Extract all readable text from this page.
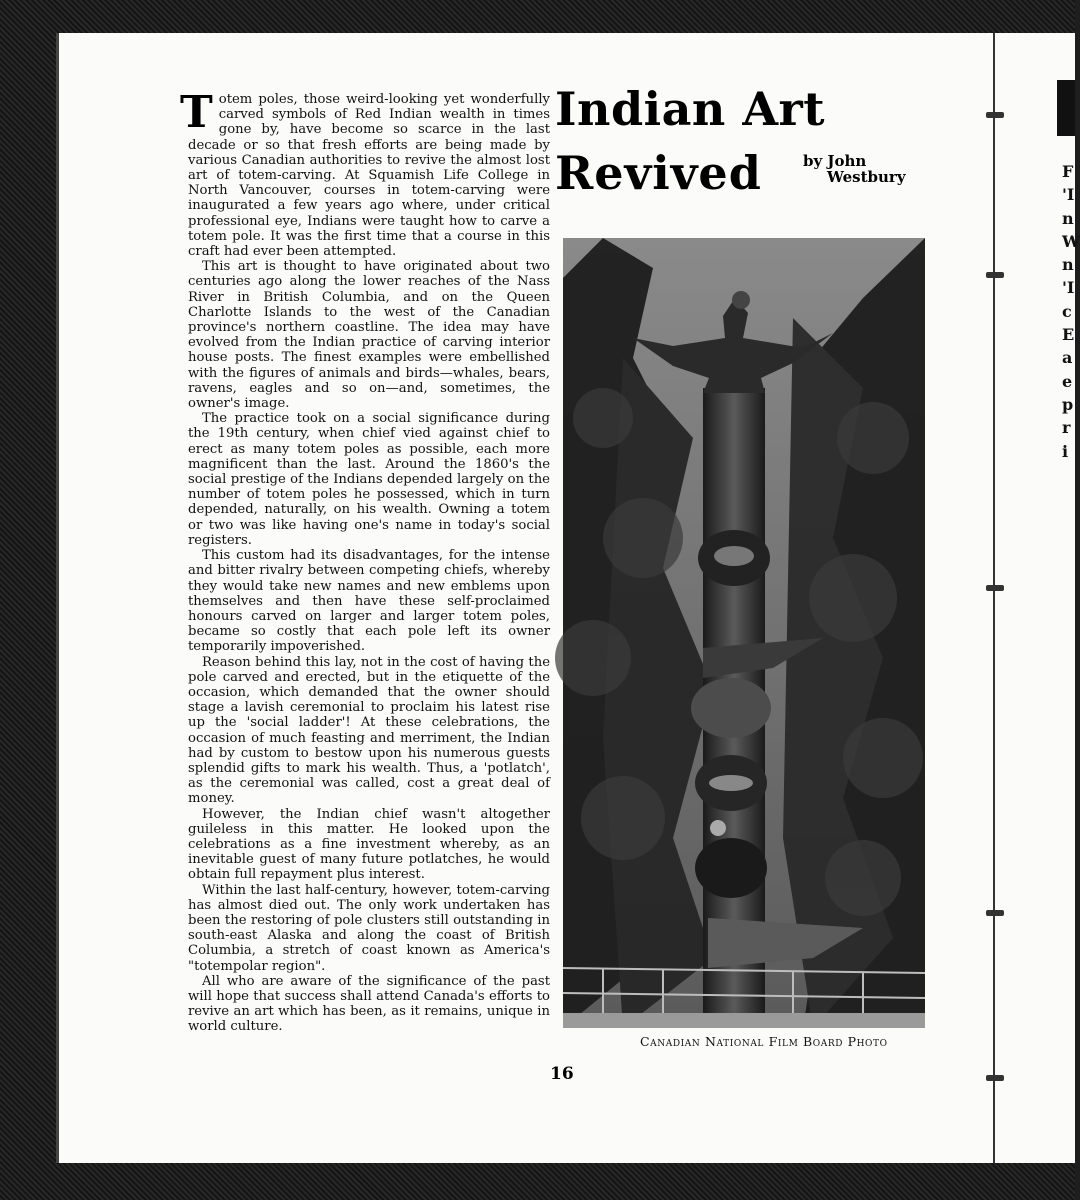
Totem poles, those weird-looking yet wonderfully carved symbols of Red Indian wealth in times gone by, have become so scarce in the last decade or so that fresh efforts are being made by various Canadian authorities to revive the almost lost art of totem-carving. At Squamish Life College in North Vancouver, courses in totem-carving were inaugurated a few years ago where, under critical professional eye, Indians were taught how to carve a totem pole. It was the first time that a course in this craft had ever been attempted.

This art is thought to have originated about two centuries ago along the lower reaches of the Nass River in British Columbia, and on the Queen Charlotte Islands to the west of the Canadian province's northern coastline. The idea may have evolved from the Indian practice of carving interior house posts. The finest examples were embellished with the figures of animals and birds—whales, bears, ravens, eagles and so on—and, sometimes, the owner's image.

The practice took on a social significance during the 19th century, when chief vied against chief to erect as many totem poles as possible, each more magnificent than the last. Around the 1860's the social prestige of the Indians depended largely on the number of totem poles he possessed, which in turn depended, naturally, on his wealth. Owning a totem or two was like having one's name in today's social registers.

This custom had its disadvantages, for the intense and bitter rivalry between competing chiefs, whereby they would take new names and new emblems upon themselves and then have these self-proclaimed honours carved on larger and larger totem poles, became so costly that each pole left its owner temporarily impoverished.

Reason behind this lay, not in the cost of having the pole carved and erected, but in the etiquette of the occasion, which demanded that the owner should stage a lavish ceremonial to proclaim his latest rise up the 'social ladder'! At these celebrations, the occasion of much feasting and merriment, the Indian had by custom to bestow upon his numerous guests splendid gifts to mark his wealth. Thus, a 'potlatch', as the ceremonial was called, cost a great deal of money.

However, the Indian chief wasn't altogether guileless in this matter. He looked upon the celebrations as a fine investment whereby, as an inevitable guest of many future potlatches, he would obtain full repayment plus interest.

Within the last half-century, however, totem-carving has almost died out. The only work undertaken has been the restoring of pole clusters still outstanding in south-east Alaska and along the coast of British Columbia, a stretch of coast known as America's "totempolar region".

All who are aware of the significance of the past will hope that success shall attend Canada's efforts to revive an art which has been, as it remains, unique in world culture.

Indian Art
Revived	by John
Westbury
Canadian National Film Board Photo
16
F
'I
n
W
n
'I
c
E
a
e
p
r
i
